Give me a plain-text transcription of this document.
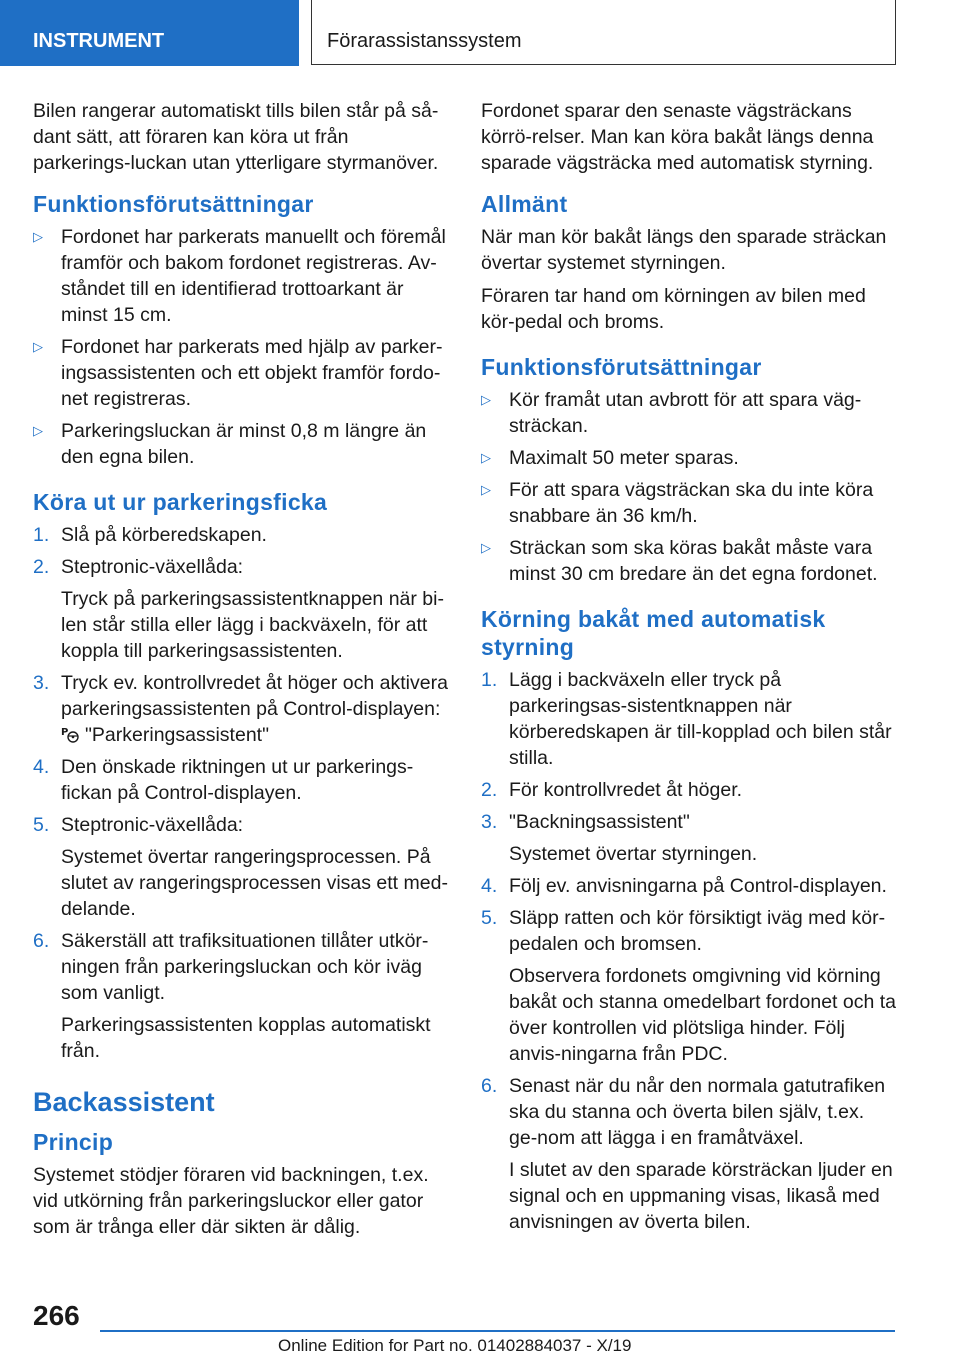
INSTRUMENT	Förarassistanssystem

Bilen rangerar automatiskt tills bilen står på så-dant sätt, att föraren kan köra ut från parkerings-luckan utan ytterligare styrmanöver.

Funktionsförutsättningar
▷ Fordonet har parkerats manuellt och föremål framför och bakom fordonet registreras. Av-ståndet till en identifierad trottoarkant är minst 15 cm.
▷ Fordonet har parkerats med hjälp av parker-ingsassistenten och ett objekt framför fordo-net registreras.
▷ Parkeringsluckan är minst 0,8 m längre än den egna bilen.
Köra ut ur parkeringsficka
1. Slå på körberedskapen.
2. Steptronic-växellåda:
Tryck på parkeringsassistentknappen när bi-len står stilla eller lägg i backväxeln, för att koppla till parkeringsassistenten.
3. Tryck ev. kontrollvredet åt höger och aktivera parkeringsassistenten på Control-displayen:
P "Parkeringsassistent"
4. Den önskade riktningen ut ur parkerings-fickan på Control-displayen.
5. Steptronic-växellåda:
Systemet övertar rangeringsprocessen. På slutet av rangeringsprocessen visas ett med-delande.
6. Säkerställ att trafiksituationen tillåter utkör-ningen från parkeringsluckan och kör iväg som vanligt.
Parkeringsassistenten kopplas automatiskt från.
Backassistent
Princip

Systemet stödjer föraren vid backningen, t.ex. vid utkörning från parkeringsluckor eller gator som är trånga eller där sikten är dålig.

Fordonet sparar den senaste vägsträckans körrö-relser. Man kan köra bakåt längs denna sparade vägsträcka med automatisk styrning.

Allmänt

När man kör bakåt längs den sparade sträckan övertar systemet styrningen.

Föraren tar hand om körningen av bilen med kör-pedal och broms.

Funktionsförutsättningar
▷ Kör framåt utan avbrott för att spara väg-sträckan.
▷ Maximalt 50 meter sparas.
▷ För att spara vägsträckan ska du inte köra snabbare än 36 km/h.
▷ Sträckan som ska köras bakåt måste vara minst 30 cm bredare än det egna fordonet.
Körning bakåt med automatisk styrning
1. Lägg i backväxeln eller tryck på parkeringsas-sistentknappen när körberedskapen är till-kopplad och bilen står stilla.
2. För kontrollvredet åt höger.
3. "Backningsassistent"
Systemet övertar styrningen.
4. Följ ev. anvisningarna på Control-displayen.
5. Släpp ratten och kör försiktigt iväg med kör-pedalen och bromsen.
Observera fordonets omgivning vid körning bakåt och stanna omedelbart fordonet och ta över kontrollen vid plötsliga hinder. Följ anvis-ningarna från PDC.
6. Senast när du når den normala gatutrafiken ska du stanna och överta bilen själv, t.ex. ge-nom att lägga i en framåtväxel.
I slutet av den sparade körsträckan ljuder en signal och en uppmaning visas, likaså med anvisningen av överta bilen.
266
Online Edition for Part no. 01402884037 - X/19
